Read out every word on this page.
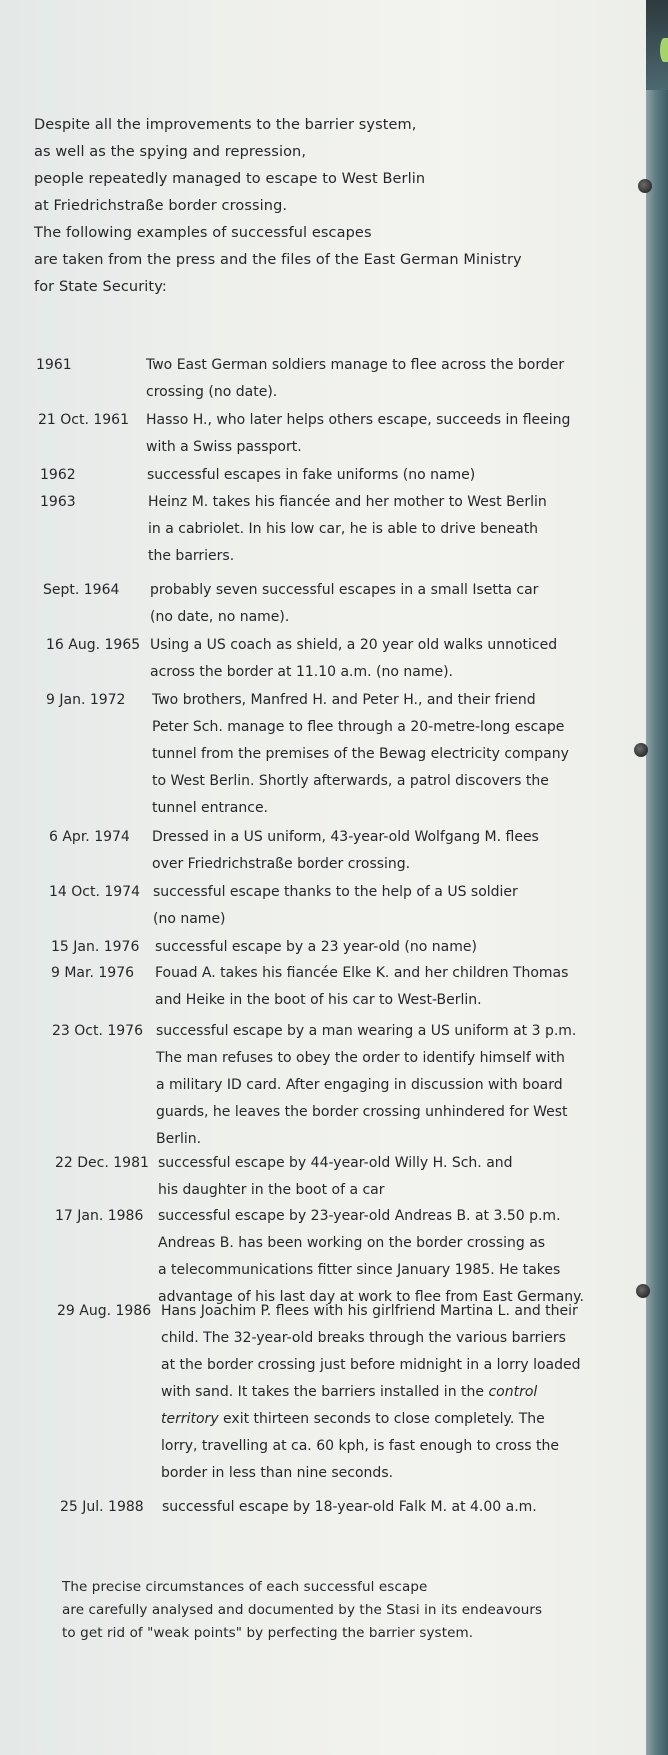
Despite all the improvements to the barrier system,
as well as the spying and repression,
people repeatedly managed to escape to West Berlin
at Friedrichstraße border crossing.
The following examples of successful escapes
are taken from the press and the files of the East German Ministry
for State Security:
1961	Two East German soldiers manage to flee across the border
crossing (no date).
21 Oct. 1961 Hasso H., who later helps others escape, succeeds in fleeing
with a Swiss passport.
1962	successful escapes in fake uniforms (no name)
1963	Heinz M. takes his fiancée and her mother to West Berlin
in a cabriolet. In his low car, he is able to drive beneath
the barriers.
Sept. 1964 probably seven successful escapes in a small Isetta car
(no date, no name).
16 Aug. 1965 Using a US coach as shield, a 20 year old walks unnoticed
across the border at 11.10 a.m. (no name).
9 Jan. 1972 Two brothers, Manfred H. and Peter H., and their friend
Peter Sch. manage to flee through a 20-metre-long escape
tunnel from the premises of the Bewag electricity company
to West Berlin. Shortly afterwards, a patrol discovers the
tunnel entrance.
6 Apr. 1974 Dressed in a US uniform, 43-year-old Wolfgang M. flees
over Friedrichstraße border crossing.
14 Oct. 1974 successful escape thanks to the help of a US soldier
(no name)
15 Jan. 1976 successful escape by a 23 year-old (no name)
9 Mar. 1976 Fouad A. takes his fiancée Elke K. and her children Thomas
and Heike in the boot of his car to West-Berlin.
23 Oct. 1976 successful escape by a man wearing a US uniform at 3 p.m.
The man refuses to obey the order to identify himself with
a military ID card. After engaging in discussion with board
guards, he leaves the border crossing unhindered for West
Berlin.
22 Dec. 1981 successful escape by 44-year-old Willy H. Sch. and
his daughter in the boot of a car
17 Jan. 1986 successful escape by 23-year-old Andreas B. at 3.50 p.m.
Andreas B. has been working on the border crossing as
a telecommunications fitter since January 1985. He takes
advantage of his last day at work to flee from East Germany.
29 Aug. 1986 Hans Joachim P. flees with his girlfriend Martina L. and their
child. The 32-year-old breaks through the various barriers
at the border crossing just before midnight in a lorry loaded
with sand. It takes the barriers installed in the control
territory exit thirteen seconds to close completely. The
lorry, travelling at ca. 60 kph, is fast enough to cross the
border in less than nine seconds.
25 Jul. 1988 successful escape by 18-year-old Falk M. at 4.00 a.m.
The precise circumstances of each successful escape
are carefully analysed and documented by the Stasi in its endeavours
to get rid of "weak points" by perfecting the barrier system.
